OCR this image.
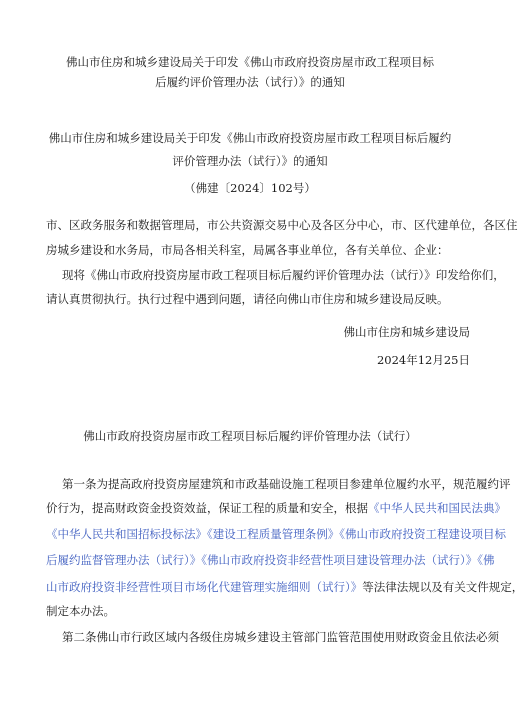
佛山市住房和城乡建设局关于印发《佛山市政府投资房屋市政工程项目标
后履约评价管理办法（试行）》的通知
佛山市住房和城乡建设局关于印发《佛山市政府投资房屋市政工程项目标后履约
评价管理办法（试行）》的通知
（佛建〔2024〕102号）
市、区政务服务和数据管理局，市公共资源交易中心及各区分中心，市、区代建单位，各区住
房城乡建设和水务局，市局各相关科室，局属各事业单位，各有关单位、企业：
现将《佛山市政府投资房屋市政工程项目标后履约评价管理办法（试行）》印发给你们，
请认真贯彻执行。执行过程中遇到问题，请径向佛山市住房和城乡建设局反映。
佛山市住房和城乡建设局
2024年12月25日
佛山市政府投资房屋市政工程项目标后履约评价管理办法（试行）
第一条为提高政府投资房屋建筑和市政基础设施工程项目参建单位履约水平，规范履约评
价行为，提高财政资金投资效益，保证工程的质量和安全，根据《中华人民共和国民法典》
《中华人民共和国招标投标法》《建设工程质量管理条例》《佛山市政府投资工程建设项目标
后履约监督管理办法（试行）》《佛山市政府投资非经营性项目建设管理办法（试行）》《佛
山市政府投资非经营性项目市场化代建管理实施细则（试行）》等法律法规以及有关文件规定，
制定本办法。
第二条佛山市行政区域内各级住房城乡建设主管部门监管范围使用财政资金且依法必须
